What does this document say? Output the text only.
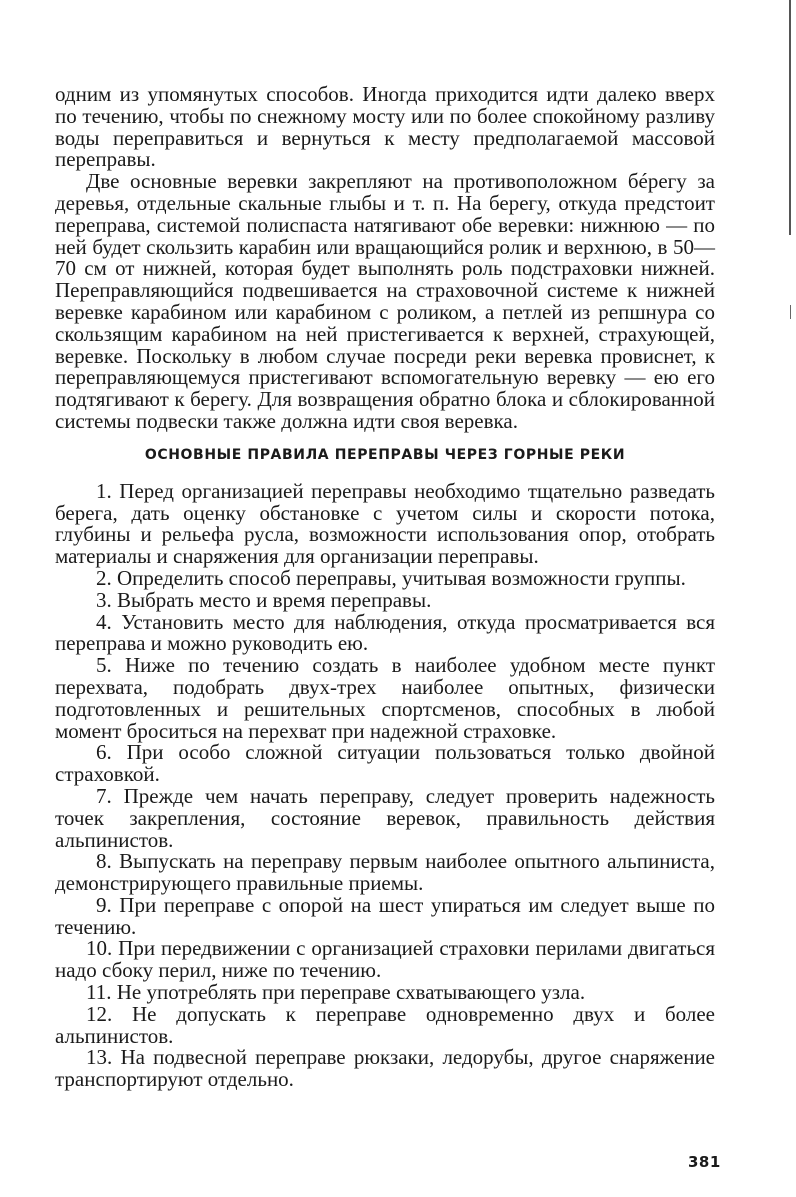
одним из упомянутых способов. Иногда приходится идти далеко вверх по течению, чтобы по снежному мосту или по более спокойному разливу воды переправиться и вернуться к месту предполагаемой массовой переправы.

Две основные веревки закрепляют на противоположном бéрегу за деревья, отдельные скальные глыбы и т. п. На берегу, откуда предстоит переправа, системой полиспаста натягивают обе веревки: нижнюю — по ней будет скользить карабин или вращающийся ролик и верхнюю, в 50—70 см от нижней, которая будет выполнять роль подстраховки нижней. Переправляющийся подвешивается на страховочной системе к нижней веревке карабином или карабином с роликом, а петлей из репшнура со скользящим карабином на ней пристегивается к верхней, страхующей, веревке. Поскольку в любом случае посреди реки веревка провиснет, к переправляющемуся пристегивают вспомогательную веревку — ею его подтягивают к берегу. Для возвращения обратно блока и сблокированной системы подвески также должна идти своя веревка.

ОСНОВНЫЕ ПРАВИЛА ПЕРЕПРАВЫ ЧЕРЕЗ ГОРНЫЕ РЕКИ

1. Перед организацией переправы необходимо тщательно разведать берега, дать оценку обстановке с учетом силы и скорости потока, глубины и рельефа русла, возможности использования опор, отобрать материалы и снаряжения для организации переправы.

2. Определить способ переправы, учитывая возможности группы.

3. Выбрать место и время переправы.

4. Установить место для наблюдения, откуда просматривается вся переправа и можно руководить ею.

5. Ниже по течению создать в наиболее удобном месте пункт перехвата, подобрать двух-трех наиболее опытных, физически подготовленных и решительных спортсменов, способных в любой момент броситься на перехват при надежной страховке.

6. При особо сложной ситуации пользоваться только двойной страховкой.

7. Прежде чем начать переправу, следует проверить надежность точек закрепления, состояние веревок, правильность действия альпинистов.

8. Выпускать на переправу первым наиболее опытного альпиниста, демонстрирующего правильные приемы.

9. При переправе с опорой на шест упираться им следует выше по течению.

10. При передвижении с организацией страховки перилами двигаться надо сбоку перил, ниже по течению.

11. Не употреблять при переправе схватывающего узла.

12. Не допускать к переправе одновременно двух и более альпинистов.

13. На подвесной переправе рюкзаки, ледорубы, другое снаряжение транспортируют отдельно.

381
